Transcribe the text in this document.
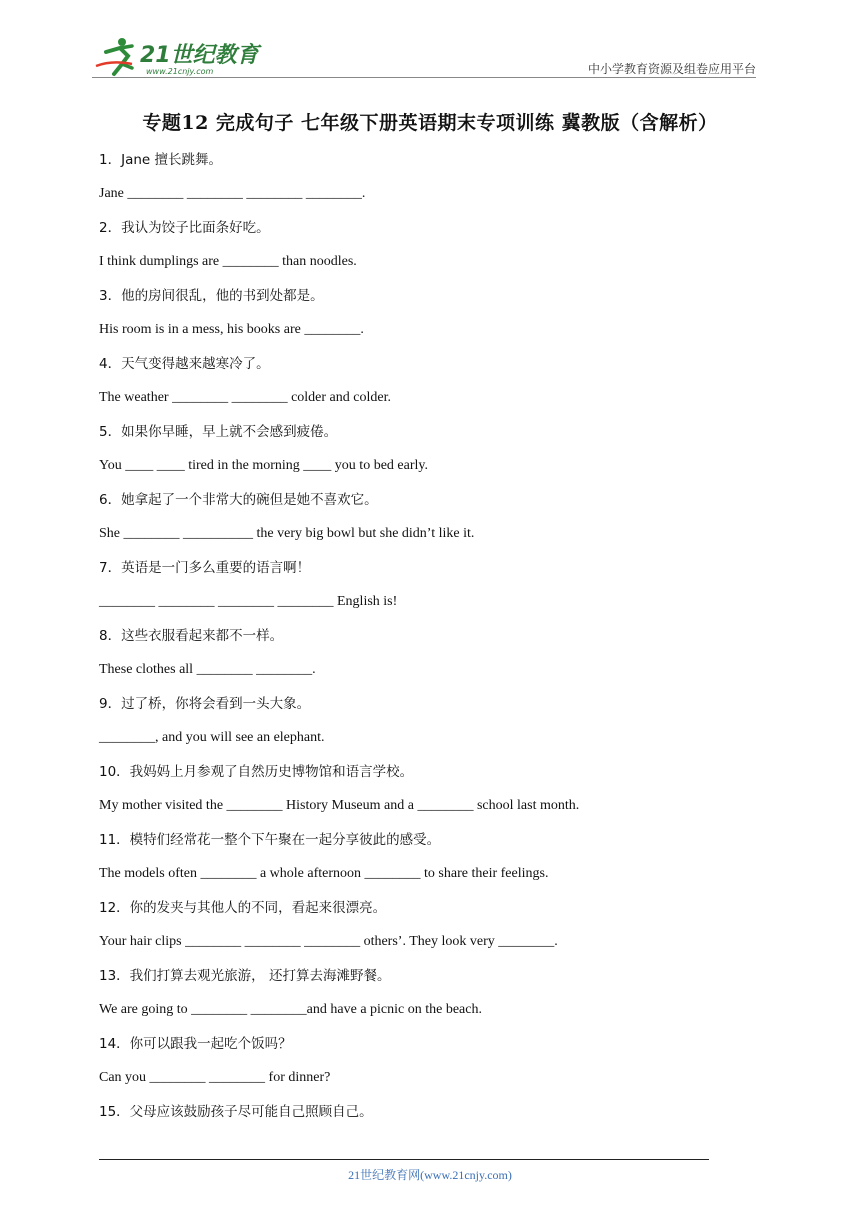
21世纪教育
www.21cnjy.com	中小学教育资源及组卷应用平台
专题12 完成句子 七年级下册英语期末专项训练 冀教版（含解析）
1．Jane 擅长跳舞。
Jane ________ ________ ________ ________.
2．我认为饺子比面条好吃。
I think dumplings are ________ than noodles.
3．他的房间很乱，他的书到处都是。
His room is in a mess, his books are ________.
4．天气变得越来越寒冷了。
The weather ________ ________ colder and colder.
5．如果你早睡，早上就不会感到疲倦。
You ____ ____ tired in the morning ____ you to bed early.
6．她拿起了一个非常大的碗但是她不喜欢它。
She ________ __________ the very big bowl but she didn’t like it.
7．英语是一门多么重要的语言啊！
________ ________ ________ ________ English is!
8．这些衣服看起来都不一样。
These clothes all ________ ________.
9．过了桥，你将会看到一头大象。
________, and you will see an elephant.
10．我妈妈上月参观了自然历史博物馆和语言学校。
My mother visited the ________ History Museum and a ________ school last month.
11．模特们经常花一整个下午聚在一起分享彼此的感受。
The models often ________ a whole afternoon ________ to share their feelings.
12．你的发夹与其他人的不同，看起来很漂亮。
Your hair clips ________ ________ ________ others’. They look very ________.
13．我们打算去观光旅游， 还打算去海滩野餐。
We are going to ________ ________and have a picnic on the beach.
14．你可以跟我一起吃个饭吗？
Can you ________ ________ for dinner?
15．父母应该鼓励孩子尽可能自己照顾自己。
21世纪教育网(www.21cnjy.com)
